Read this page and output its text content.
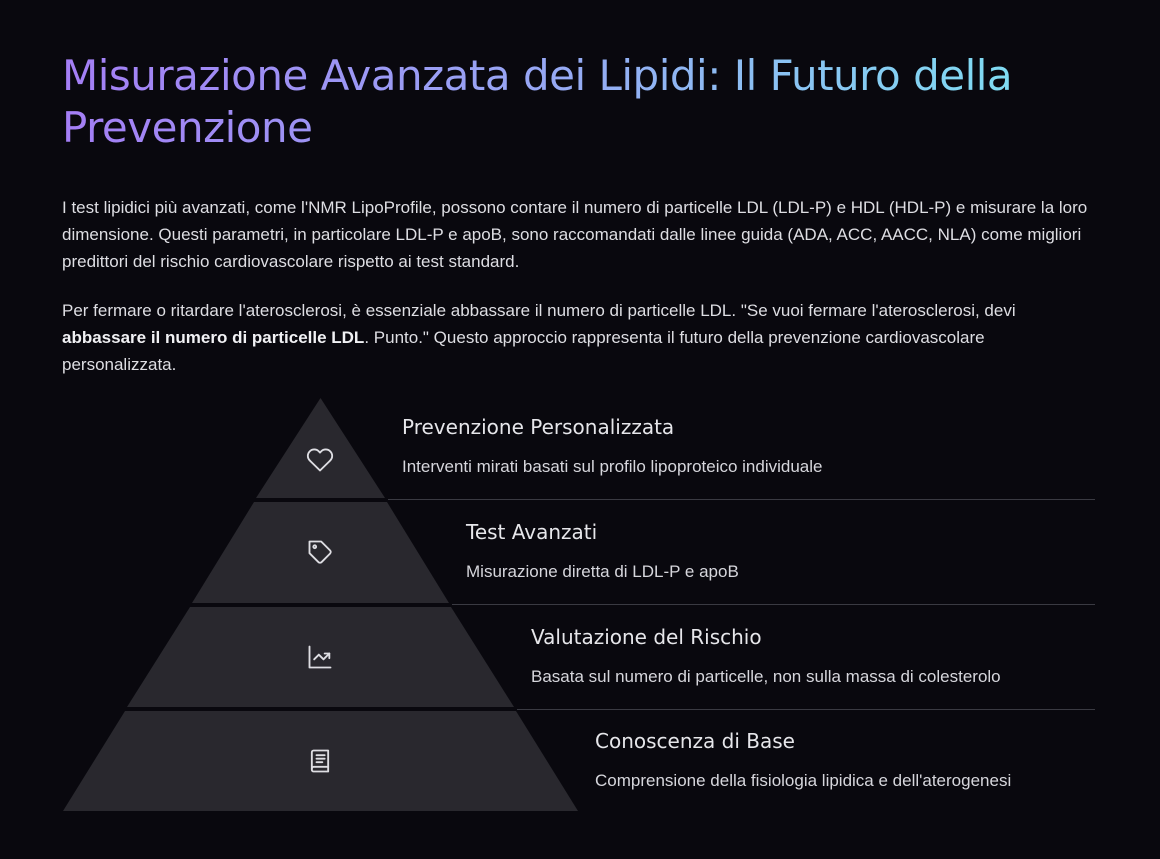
Misurazione Avanzata dei Lipidi: Il Futuro della Prevenzione

I test lipidici più avanzati, come l'NMR LipoProfile, possono contare il numero di particelle LDL (LDL-P) e HDL (HDL-P) e misurare la loro dimensione. Questi parametri, in particolare LDL-P e apoB, sono raccomandati dalle linee guida (ADA, ACC, AACC, NLA) come migliori predittori del rischio cardiovascolare rispetto ai test standard.

Per fermare o ritardare l'aterosclerosi, è essenziale abbassare il numero di particelle LDL. "Se vuoi fermare l'aterosclerosi, devi abbassare il numero di particelle LDL. Punto." Questo approccio rappresenta il futuro della prevenzione cardiovascolare personalizzata.

Prevenzione Personalizzata
Interventi mirati basati sul profilo lipoproteico individuale
Test Avanzati
Misurazione diretta di LDL-P e apoB
Valutazione del Rischio
Basata sul numero di particelle, non sulla massa di colesterolo
Conoscenza di Base
Comprensione della fisiologia lipidica e dell'aterogenesi
